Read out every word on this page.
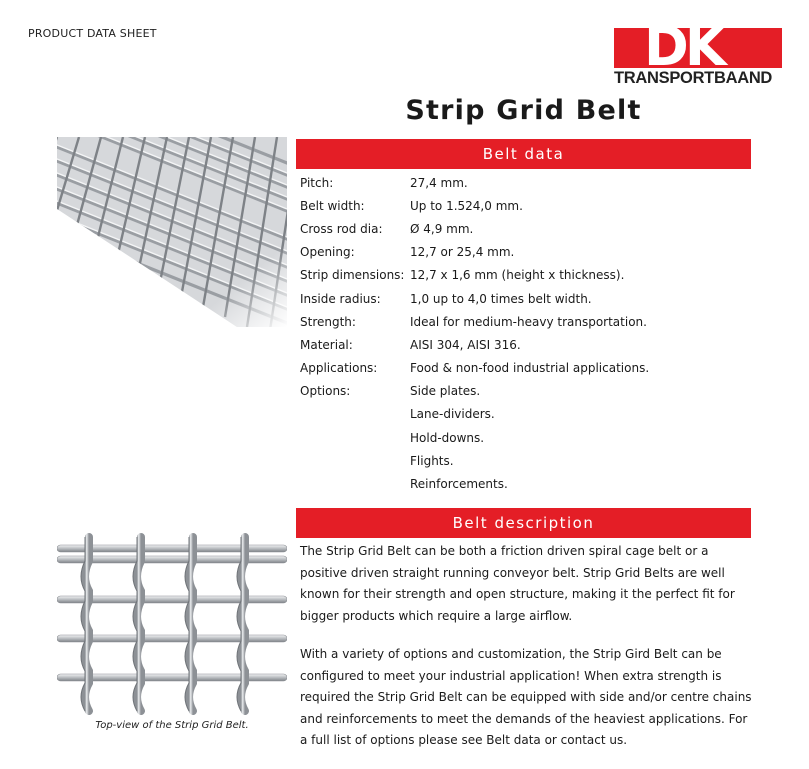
PRODUCT DATA SHEET	DK
TRANSPORTBAAND
Strip Grid Belt
Belt data
Pitch:	27,4 mm.
Belt width:	Up to 1.524,0 mm.
Cross rod dia:	Ø 4,9 mm.
Opening:	12,7 or 25,4 mm.
Strip dimensions: 12,7 x 1,6 mm (height x thickness).
Inside radius:	1,0 up to 4,0 times belt width.
Strength:	Ideal for medium-heavy transportation.
Material:	AISI 304, AISI 316.
Applications:	Food & non-food industrial applications.
Options:	Side plates.
Lane-dividers.
Hold-downs.
Flights.
Reinforcements.
Belt description
Top-view of the Strip Grid Belt.

The Strip Grid Belt can be both a friction driven spiral cage belt or a positive driven straight running conveyor belt. Strip Grid Belts are well known for their strength and open structure, making it the perfect fit for bigger products which require a large airflow.

With a variety of options and customization, the Strip Gird Belt can be configured to meet your industrial application! When extra strength is required the Strip Grid Belt can be equipped with side and/or centre chains and reinforcements to meet the demands of the heaviest applications. For a full list of options please see Belt data or contact us.
